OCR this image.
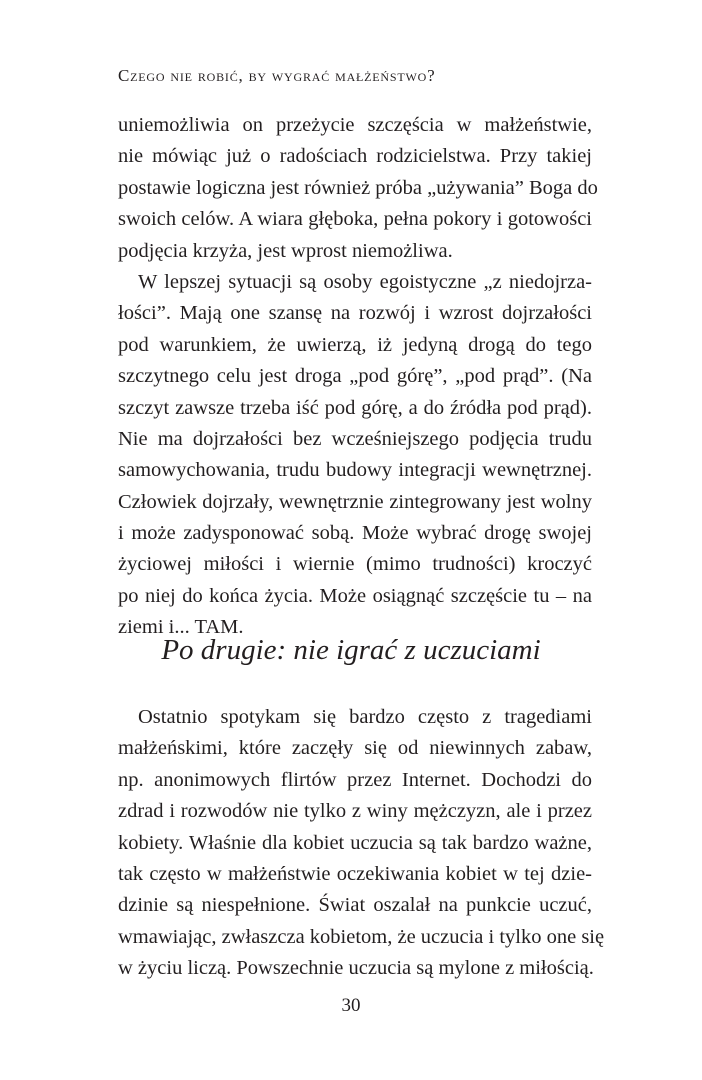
Czego nie robić, by wygrać małżeństwo?
uniemożliwia on przeżycie szczęścia w małżeństwie,
nie mówiąc już o radościach rodzicielstwa. Przy takiej
postawie logiczna jest również próba „używania” Boga do
swoich celów. A wiara głęboka, pełna pokory i gotowości
podjęcia krzyża, jest wprost niemożliwa.
W lepszej sytuacji są osoby egoistyczne „z niedojrza-
łości”. Mają one szansę na rozwój i wzrost dojrzałości
pod warunkiem, że uwierzą, iż jedyną drogą do tego
szczytnego celu jest droga „pod górę”, „pod prąd”. (Na
szczyt zawsze trzeba iść pod górę, a do źródła pod prąd).
Nie ma dojrzałości bez wcześniejszego podjęcia trudu
samowychowania, trudu budowy integracji wewnętrznej.
Człowiek dojrzały, wewnętrznie zintegrowany jest wolny
i może zadysponować sobą. Może wybrać drogę swojej
życiowej miłości i wiernie (mimo trudności) kroczyć
po niej do końca życia. Może osiągnąć szczęście tu – na
ziemi i... TAM.
Po drugie: nie igrać z uczuciami
Ostatnio spotykam się bardzo często z tragediami
małżeńskimi, które zaczęły się od niewinnych zabaw,
np. anonimowych flirtów przez Internet. Dochodzi do
zdrad i rozwodów nie tylko z winy mężczyzn, ale i przez
kobiety. Właśnie dla kobiet uczucia są tak bardzo ważne,
tak często w małżeństwie oczekiwania kobiet w tej dzie-
dzinie są niespełnione. Świat oszalał na punkcie uczuć,
wmawiając, zwłaszcza kobietom, że uczucia i tylko one się
w życiu liczą. Powszechnie uczucia są mylone z miłością.
30
